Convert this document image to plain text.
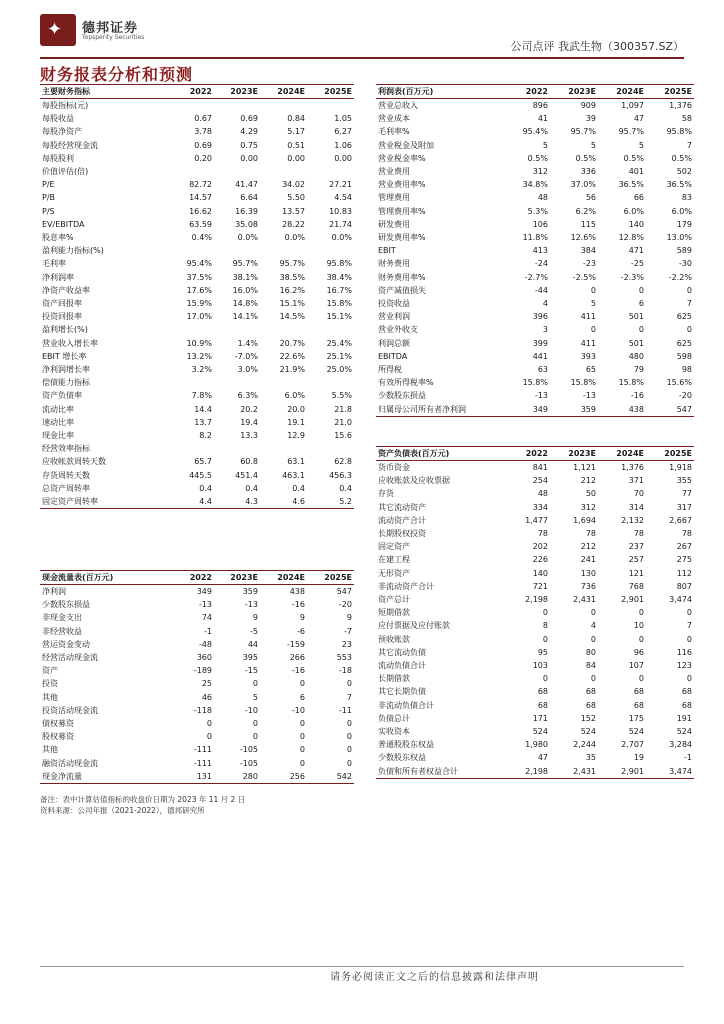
✦ 德邦证券
Topsperity Securities
公司点评 我武生物（300357.SZ）
财务报表分析和预测
主要财务指标	2022	2023E	2024E	2025E
每股指标(元)				
每股收益	0.67	0.69	0.84	1.05
每股净资产	3.78	4.29	5.17	6.27
每股经营现金流	0.69	0.75	0.51	1.06
每股股利	0.20	0.00	0.00	0.00
价值评估(倍)				
P/E	82.72	41.47	34.02	27.21
P/B	14.57	6.64	5.50	4.54
P/S	16.62	16.39	13.57	10.83
EV/EBITDA	63.59	35.08	28.22	21.74
股息率%	0.4%	0.0%	0.0%	0.0%
盈利能力指标(%)				
毛利率	95.4%	95.7%	95.7%	95.8%
净利润率	37.5%	38.1%	38.5%	38.4%
净资产收益率	17.6%	16.0%	16.2%	16.7%
资产回报率	15.9%	14.8%	15.1%	15.8%
投资回报率	17.0%	14.1%	14.5%	15.1%
盈利增长(%)				
营业收入增长率	10.9%	1.4%	20.7%	25.4%
EBIT 增长率	13.2%	-7.0%	22.6%	25.1%
净利润增长率	3.2%	3.0%	21.9%	25.0%
偿债能力指标				
资产负债率	7.8%	6.3%	6.0%	5.5%
流动比率	14.4	20.2	20.0	21.8
速动比率	13.7	19.4	19.1	21.0
现金比率	8.2	13.3	12.9	15.6
经营效率指标				
应收帐款周转天数	65.7	60.8	63.1	62.8
存货周转天数	445.5	451.4	463.1	456.3
总资产周转率	0.4	0.4	0.4	0.4
固定资产周转率	4.4	4.3	4.6	5.2
利润表(百万元)	2022	2023E	2024E	2025E
营业总收入	896	909	1,097	1,376
营业成本	41	39	47	58
毛利率%	95.4%	95.7%	95.7%	95.8%
营业税金及附加	5	5	5	7
营业税金率%	0.5%	0.5%	0.5%	0.5%
营业费用	312	336	401	502
营业费用率%	34.8%	37.0%	36.5%	36.5%
管理费用	48	56	66	83
管理费用率%	5.3%	6.2%	6.0%	6.0%
研发费用	106	115	140	179
研发费用率%	11.8%	12.6%	12.8%	13.0%
EBIT	413	384	471	589
财务费用	-24	-23	-25	-30
财务费用率%	-2.7%	-2.5%	-2.3%	-2.2%
资产减值损失	-44	0	0	0
投资收益	4	5	6	7
营业利润	396	411	501	625
营业外收支	3	0	0	0
利润总额	399	411	501	625
EBITDA	441	393	480	598
所得税	63	65	79	98
有效所得税率%	15.8%	15.8%	15.8%	15.6%
少数股东损益	-13	-13	-16	-20
归属母公司所有者净利润	349	359	438	547
资产负债表(百万元)	2022	2023E	2024E	2025E
货币资金	841	1,121	1,376	1,918
应收账款及应收票据	254	212	371	355
存货	48	50	70	77
其它流动资产	334	312	314	317
流动资产合计	1,477	1,694	2,132	2,667
长期股权投资	78	78	78	78
固定资产	202	212	237	267
在建工程	226	241	257	275
无形资产	140	130	121	112
非流动资产合计	721	736	768	807
资产总计	2,198	2,431	2,901	3,474
短期借款	0	0	0	0
应付票据及应付账款	8	4	10	7
预收账款	0	0	0	0
其它流动负债	95	80	96	116
流动负债合计	103	84	107	123
长期借款	0	0	0	0
其它长期负债	68	68	68	68
非流动负债合计	68	68	68	68
负债总计	171	152	175	191
实收资本	524	524	524	524
普通股股东权益	1,980	2,244	2,707	3,284
少数股东权益	47	35	19	-1
负债和所有者权益合计	2,198	2,431	2,901	3,474
现金流量表(百万元)	2022	2023E	2024E	2025E
净利润	349	359	438	547
少数股东损益	-13	-13	-16	-20
非现金支出	74	9	9	9
非经营收益	-1	-5	-6	-7
营运资金变动	-48	44	-159	23
经营活动现金流	360	395	266	553
资产	-189	-15	-16	-18
投资	25	0	0	0
其他	46	5	6	7
投资活动现金流	-118	-10	-10	-11
债权募资	0	0	0	0
股权募资	0	0	0	0
其他	-111	-105	0	0
融资活动现金流	-111	-105	0	0
现金净流量	131	280	256	542
备注：表中计算估值指标的收盘价日期为 2023 年 11 月 2 日
资料来源：公司年报（2021-2022），德邦研究所
请务必阅读正文之后的信息披露和法律声明
